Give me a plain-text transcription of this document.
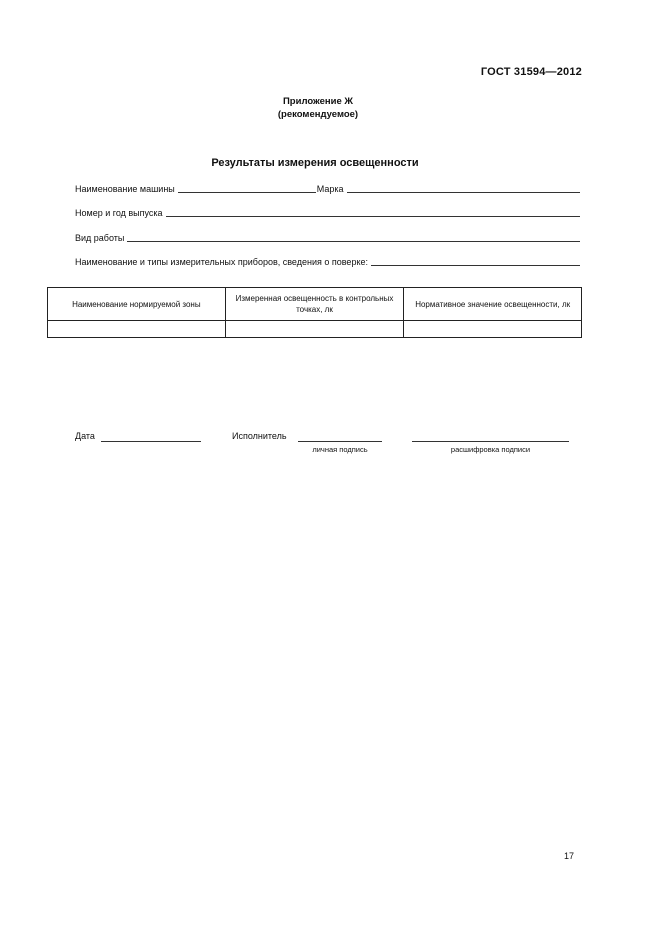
ГОСТ 31594—2012
Приложение Ж
(рекомендуемое)
Результаты измерения освещенности
Наименование машины	Марка
Номер и год выпуска
Вид работы
Наименование и типы измерительных приборов, сведения о поверке:
Наименование нормируемой зоны	Измеренная освещенность в контрольных точках, лк	Нормативное значение освещенности, лк

Дата	Исполнитель
личная подпись	расшифровка подписи
17
